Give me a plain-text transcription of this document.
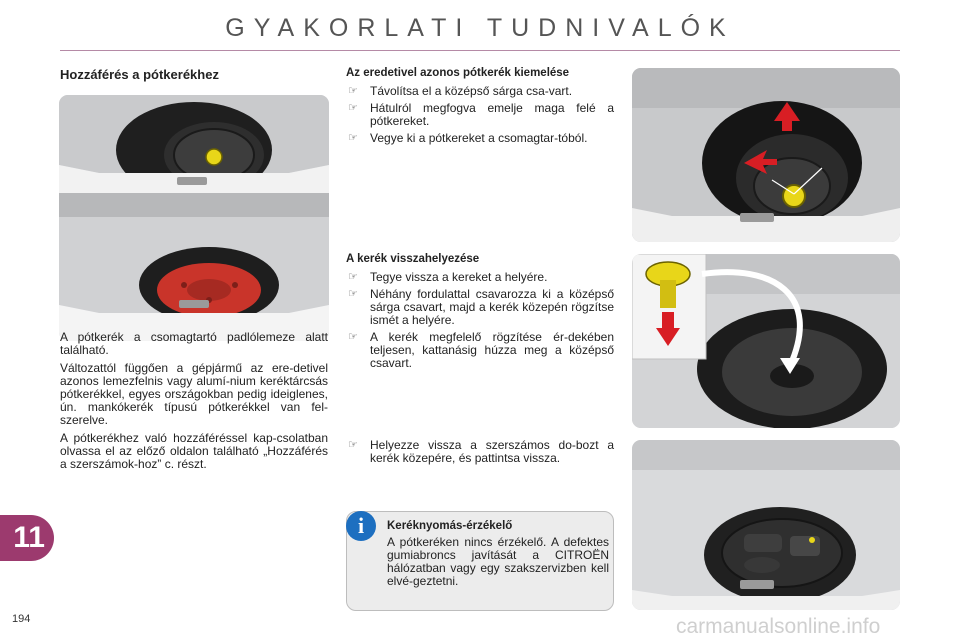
GYAKORLATI TUDNIVALÓK
Hozzáférés a pótkerékhez

A pótkerék a csomagtartó padlólemeze alatt található.

Változattól függően a gépjármű az ere-detivel azonos lemezfelnis vagy alumí-nium keréktárcsás pótkerékkel, egyes országokban pedig ideiglenes, ún. mankókerék típusú pótkerékkel van fel-szerelve.

A pótkerékhez való hozzáféréssel kap-csolatban olvassa el az előző oldalon található „Hozzáférés a szerszámok-hoz” c. részt.

Az eredetivel azonos pótkerék kiemelése
☞ Távolítsa el a középső sárga csa-vart.
☞ Hátulról megfogva emelje maga felé a pótkereket.
☞ Vegye ki a pótkereket a csomagtar-tóból.
A kerék visszahelyezése
☞ Tegye vissza a kereket a helyére.
☞ Néhány fordulattal csavarozza ki a középső sárga csavart, majd a kerék közepén rögzítse ismét a helyére.
☞ A kerék megfelelő rögzítése ér-dekében teljesen, kattanásig húzza meg a középső csavart.
☞ Helyezze vissza a szerszámos do-bozt a kerék közepére, és pattintsa vissza.
Keréknyomás-érzékelő
A pótkeréken nincs érzékelő. A defektes gumiabroncs javítását a CITROËN hálózatban vagy egy szakszervizben kell elvé-geztetni.
i
11
194	carmanualsonline.info
